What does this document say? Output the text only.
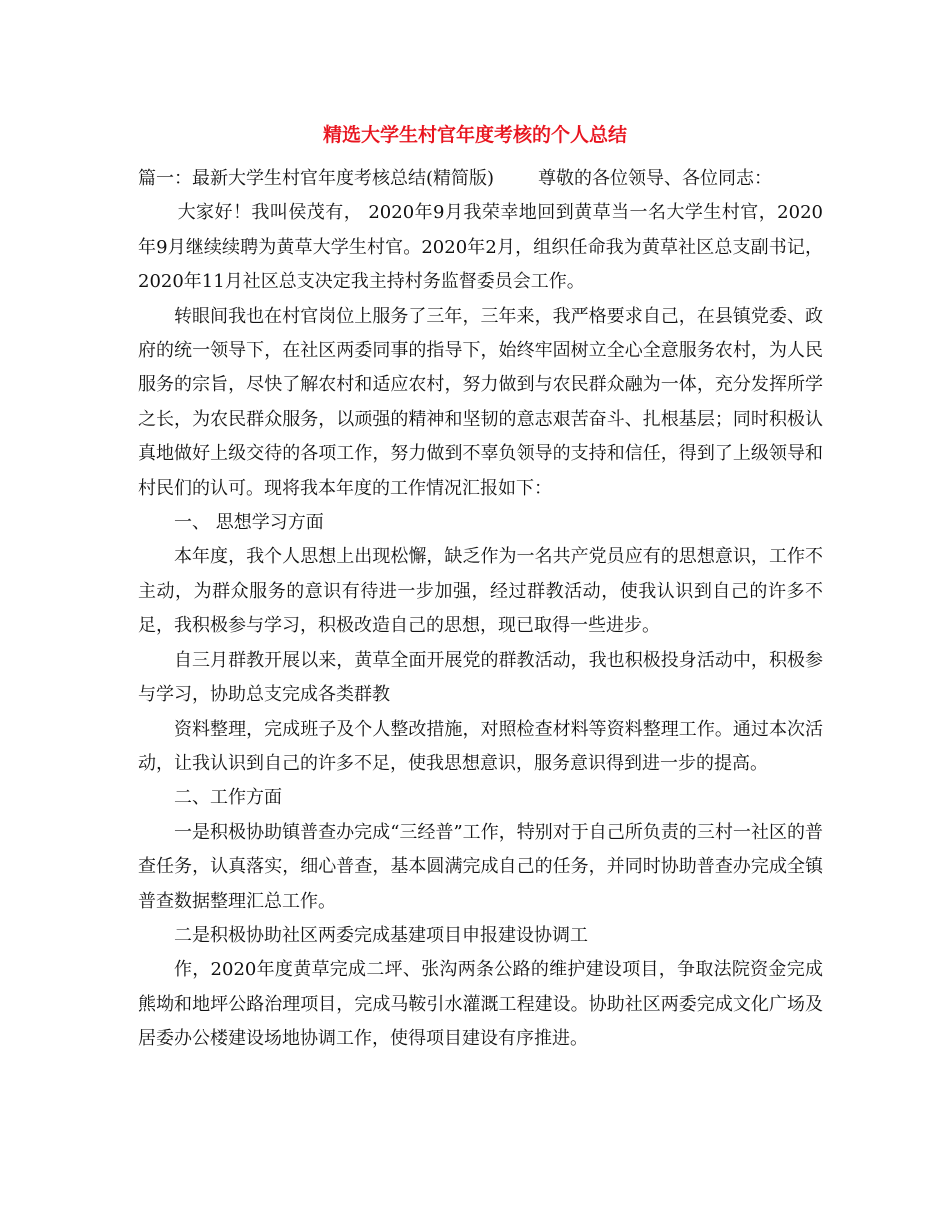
精选大学生村官年度考核的个人总结

篇一：最新大学生村官年度考核总结(精简版) 尊敬的各位领导、各位同志：

大家好！我叫侯茂有， 2020年9月我荣幸地回到黄草当一名大学生村官，2020年9月继续续聘为黄草大学生村官。2020年2月，组织任命我为黄草社区总支副书记，2020年11月社区总支决定我主持村务监督委员会工作。

转眼间我也在村官岗位上服务了三年，三年来，我严格要求自己，在县镇党委、政府的统一领导下，在社区两委同事的指导下，始终牢固树立全心全意服务农村，为人民服务的宗旨，尽快了解农村和适应农村，努力做到与农民群众融为一体，充分发挥所学之长，为农民群众服务，以顽强的精神和坚韧的意志艰苦奋斗、扎根基层；同时积极认真地做好上级交待的各项工作，努力做到不辜负领导的支持和信任，得到了上级领导和村民们的认可。现将我本年度的工作情况汇报如下：

一、 思想学习方面

本年度，我个人思想上出现松懈，缺乏作为一名共产党员应有的思想意识，工作不主动，为群众服务的意识有待进一步加强，经过群教活动，使我认识到自己的许多不足，我积极参与学习，积极改造自己的思想，现已取得一些进步。

自三月群教开展以来，黄草全面开展党的群教活动，我也积极投身活动中，积极参与学习，协助总支完成各类群教

资料整理，完成班子及个人整改措施，对照检查材料等资料整理工作。通过本次活动，让我认识到自己的许多不足，使我思想意识，服务意识得到进一步的提高。

二、工作方面

一是积极协助镇普查办完成“三经普”工作，特别对于自己所负责的三村一社区的普查任务，认真落实，细心普查，基本圆满完成自己的任务，并同时协助普查办完成全镇普查数据整理汇总工作。

二是积极协助社区两委完成基建项目申报建设协调工

作，2020年度黄草完成二坪、张沟两条公路的维护建设项目，争取法院资金完成熊坳和地坪公路治理项目，完成马鞍引水灌溉工程建设。协助社区两委完成文化广场及居委办公楼建设场地协调工作，使得项目建设有序推进。
